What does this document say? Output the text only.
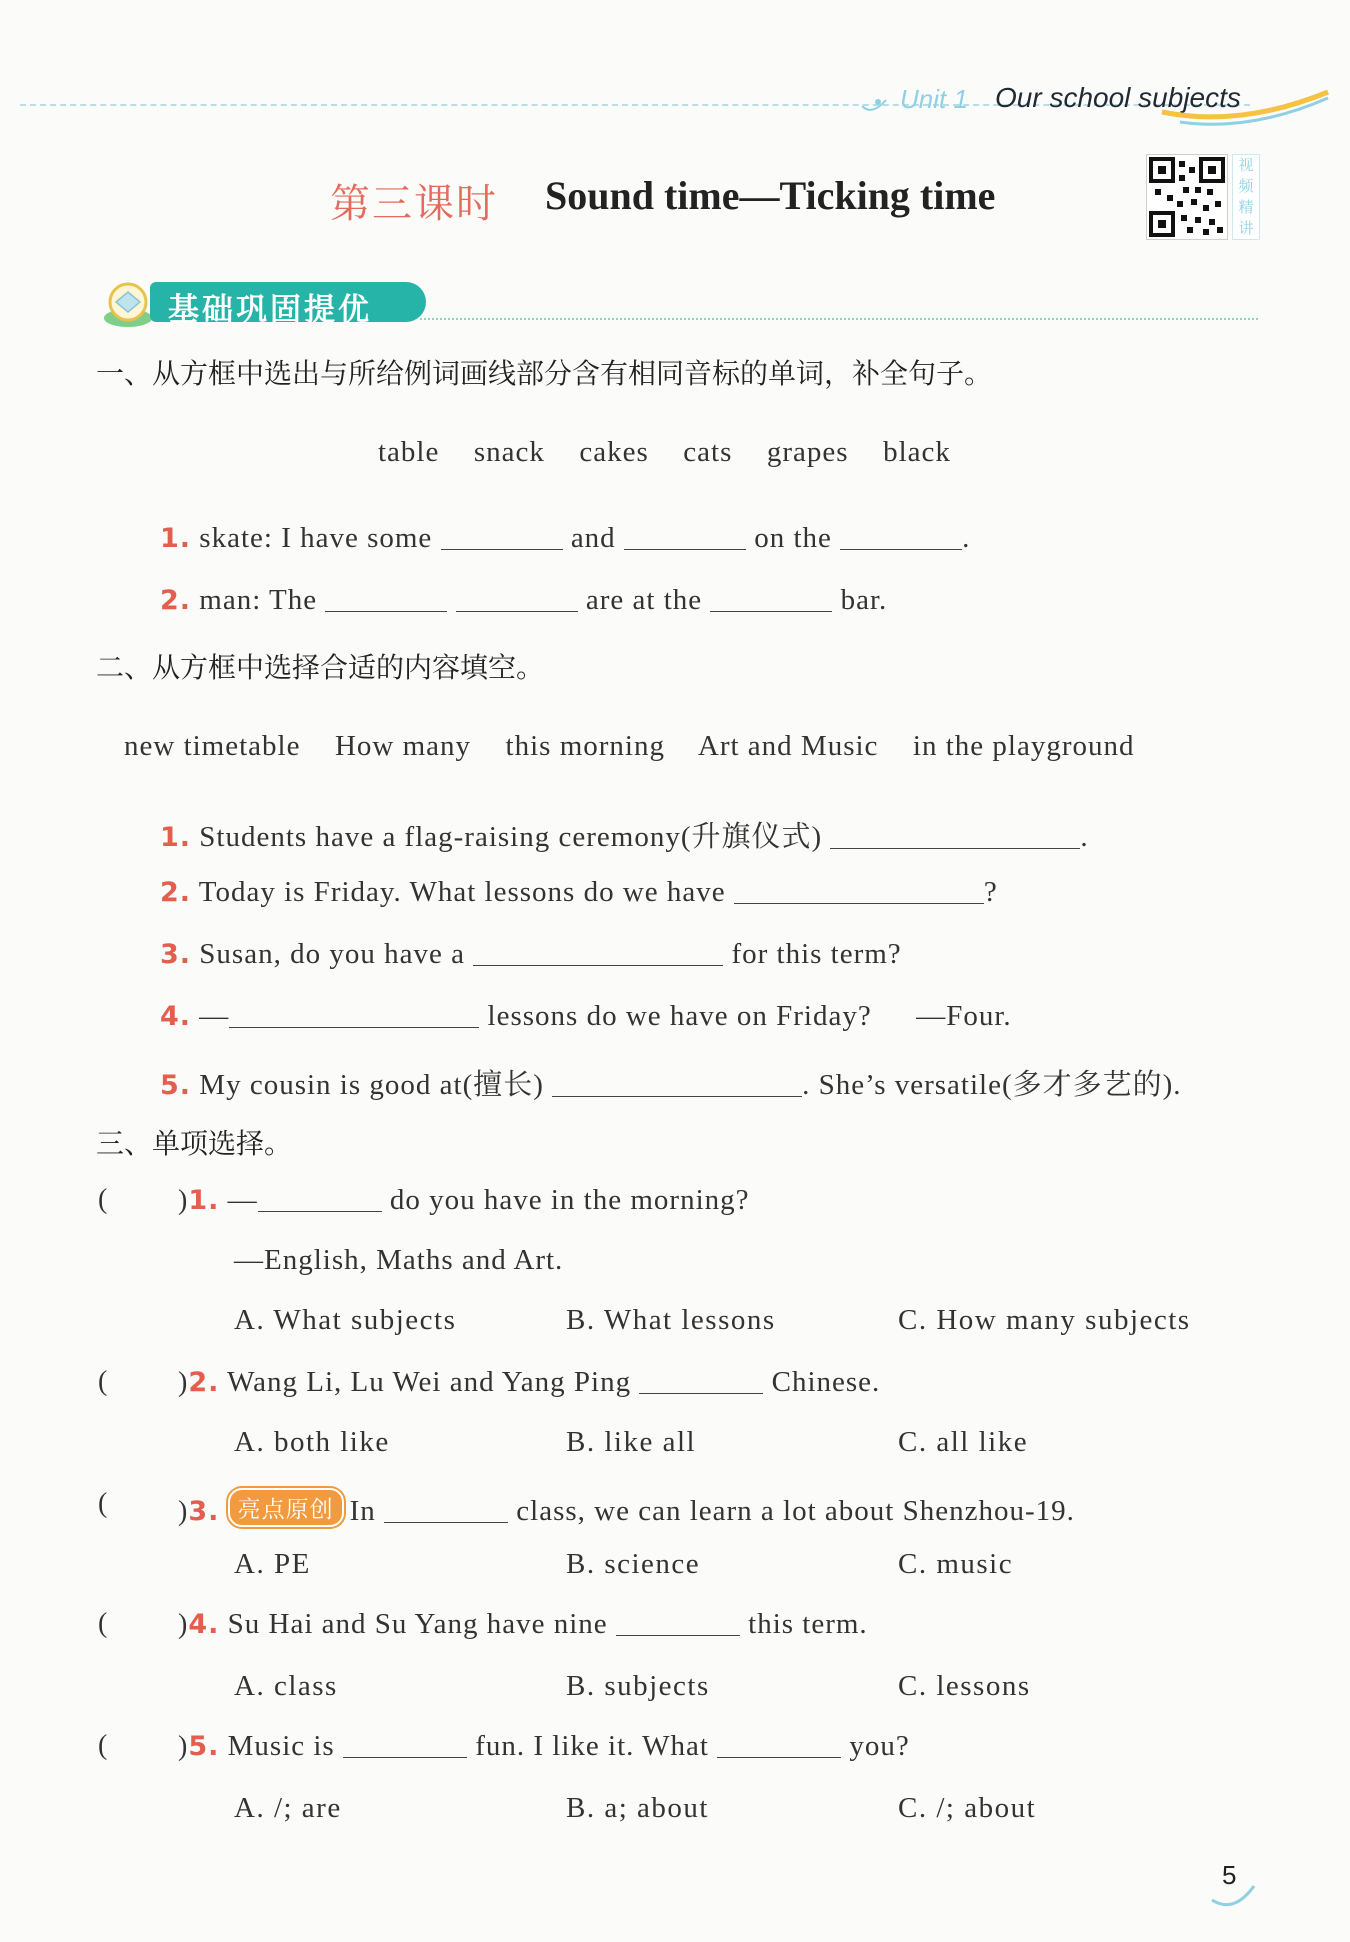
Unit 1 Our school subjects
第三课时 Sound time—Ticking time
视频精讲
基础巩固提优
一、从方框中选出与所给例词画线部分含有相同音标的单词，补全句子。
table snack cakes cats grapes black
1. skate: I have some	and	on the	.
2. man: The	are at the	bar.
二、从方框中选择合适的内容填空。
new timetable How many this morning Art and Music in the playground
1. Students have a flag-raising ceremony(升旗仪式)	.
2. Today is Friday. What lessons do we have	?
3. Susan, do you have a	for this term?
4. —	lessons do we have on Friday? —Four.
5. My cousin is good at(擅长)	. She’s versatile(多才多艺的).
三、单项选择。
(	)1. —	do you have in the morning?
—English, Maths and Art.
A. What subjects	B. What lessons	C. How many subjects
(	)2. Wang Li, Lu Wei and Yang Ping	Chinese.
A. both like	B. like all	C. all like
(	)3. 亮点原创 In	class, we can learn a lot about Shenzhou-19.
A. PE	B. science	C. music
(	)4. Su Hai and Su Yang have nine	this term.
A. class	B. subjects	C. lessons
(	)5. Music is	fun. I like it. What	you?
A. /; are	B. a; about	C. /; about
5
